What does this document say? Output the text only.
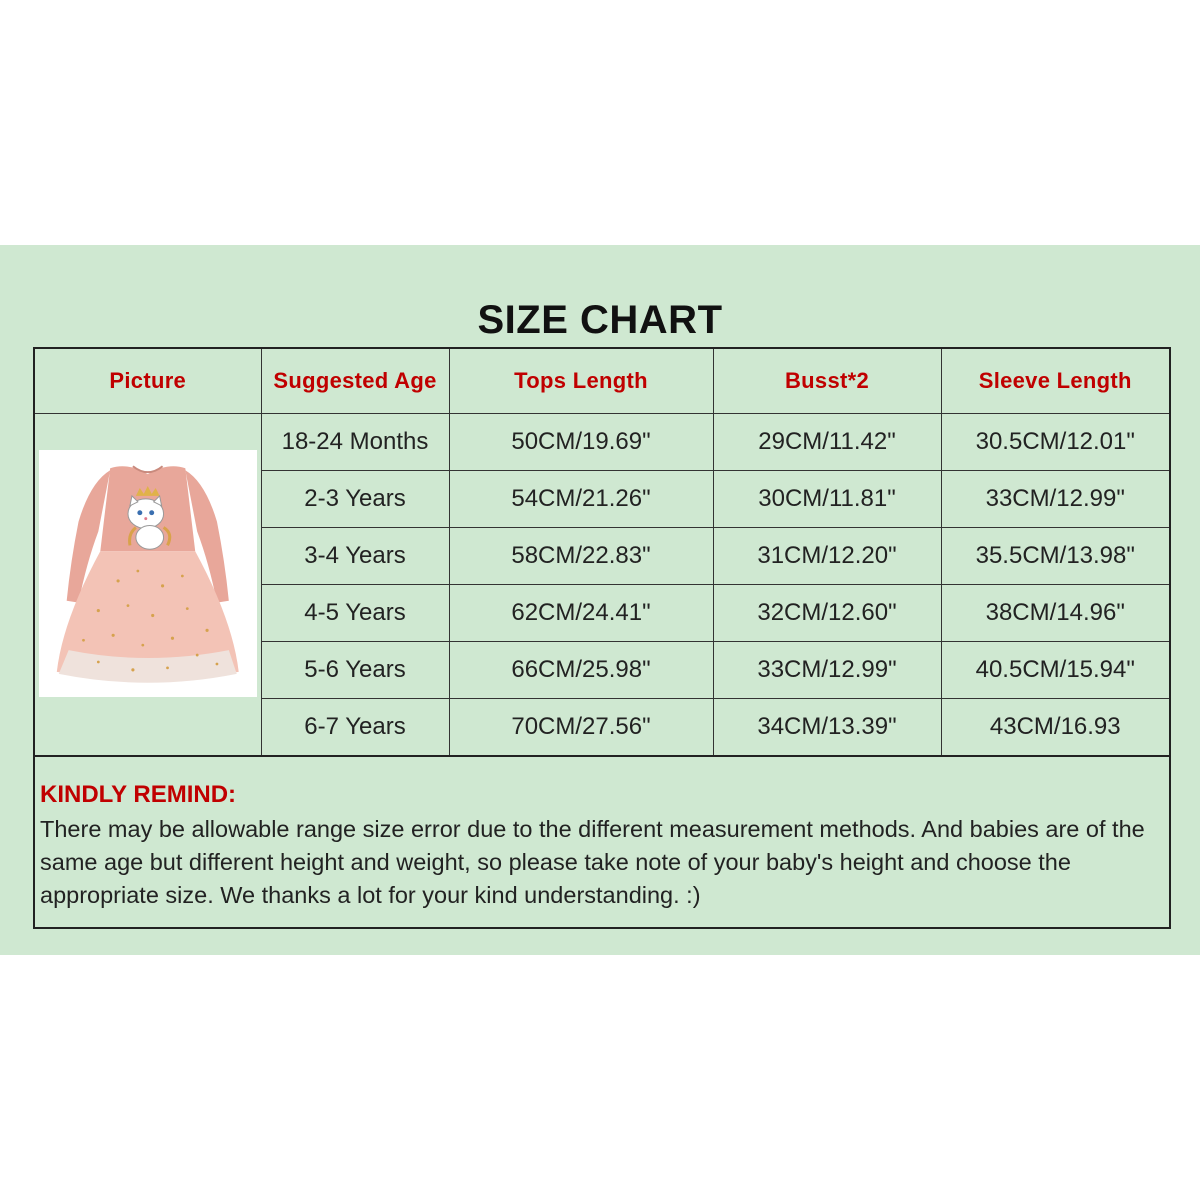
SIZE CHART
Picture	Suggested Age	Tops Length	Busst*2	Sleeve Length

	18-24 Months	50CM/19.69"	29CM/11.42"	30.5CM/12.01"
	2-3 Years	54CM/21.26"	30CM/11.81"	33CM/12.99"
	3-4 Years	58CM/22.83"	31CM/12.20"	35.5CM/13.98"
	4-5 Years	62CM/24.41"	32CM/12.60"	38CM/14.96"
	5-6 Years	66CM/25.98"	33CM/12.99"	40.5CM/15.94"
	6-7 Years	70CM/27.56"	34CM/13.39"	43CM/16.93
KINDLY REMIND:
There may be allowable range size error due to the different measurement methods. And babies are of the same age but different height and weight, so please take note of your baby's height and choose the appropriate size. We thanks a lot for your kind understanding. :)
